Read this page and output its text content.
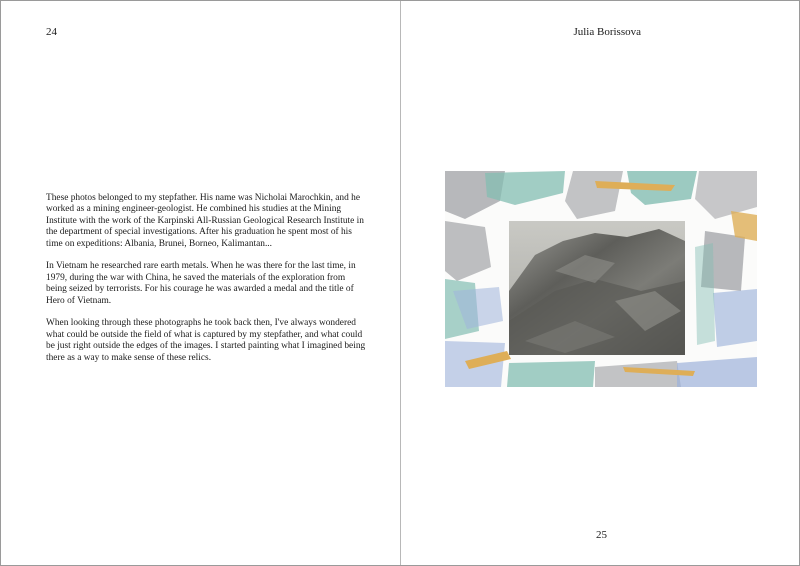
24

These photos belonged to my stepfather. His name was Nicholai Marochkin, and he worked as a mining engineer-geologist. He combined his studies at the Mining Institute with the work of the Karpinski All-Russian Geological Research Institute in the department of special investigations. After his graduation he spent most of his time on expeditions: Albania, Brunei, Borneo, Kalimantan...

In Vietnam he researched rare earth metals. When he was there for the last time, in 1979, during the war with China, he saved the materials of the exploration from being seized by terrorists. For his courage he was awarded a medal and the title of Hero of Vietnam.

When looking through these photographs he took back then, I've always wondered what could be outside the field of what is captured by my stepfather, and what could be just right outside the edges of the images. I started painting what I imagined being there as a way to make sense of these relics.

Julia Borissova
25
